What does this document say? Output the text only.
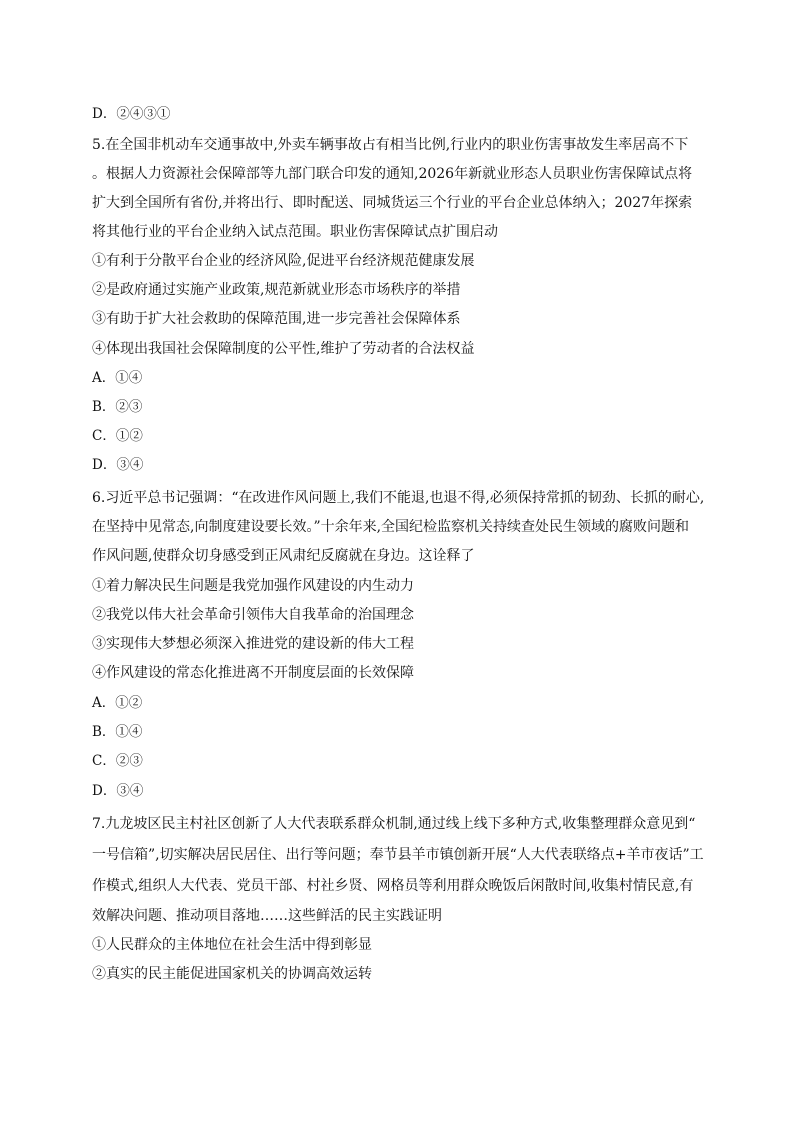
D．②④③①
5.在全国非机动车交通事故中,外卖车辆事故占有相当比例,行业内的职业伤害事故发生率居高不下
。根据人力资源社会保障部等九部门联合印发的通知,2026年新就业形态人员职业伤害保障试点将
扩大到全国所有省份,并将出行、即时配送、同城货运三个行业的平台企业总体纳入；2027年探索
将其他行业的平台企业纳入试点范围。职业伤害保障试点扩围启动
①有利于分散平台企业的经济风险,促进平台经济规范健康发展
②是政府通过实施产业政策,规范新就业形态市场秩序的举措
③有助于扩大社会救助的保障范围,进一步完善社会保障体系
④体现出我国社会保障制度的公平性,维护了劳动者的合法权益
A．①④
B．②③
C．①②
D．③④
6.习近平总书记强调：“在改进作风问题上,我们不能退,也退不得,必须保持常抓的韧劲、长抓的耐心,
在坚持中见常态,向制度建设要长效。”十余年来,全国纪检监察机关持续查处民生领域的腐败问题和
作风问题,使群众切身感受到正风肃纪反腐就在身边。这诠释了
①着力解决民生问题是我党加强作风建设的内生动力
②我党以伟大社会革命引领伟大自我革命的治国理念
③实现伟大梦想必须深入推进党的建设新的伟大工程
④作风建设的常态化推进离不开制度层面的长效保障
A．①②
B．①④
C．②③
D．③④
7.九龙坡区民主村社区创新了人大代表联系群众机制,通过线上线下多种方式,收集整理群众意见到“
一号信箱”,切实解决居民居住、出行等问题；奉节县羊市镇创新开展“人大代表联络点+羊市夜话”工
作模式,组织人大代表、党员干部、村社乡贤、网格员等利用群众晚饭后闲散时间,收集村情民意,有
效解决问题、推动项目落地……这些鲜活的民主实践证明
①人民群众的主体地位在社会生活中得到彰显
②真实的民主能促进国家机关的协调高效运转
